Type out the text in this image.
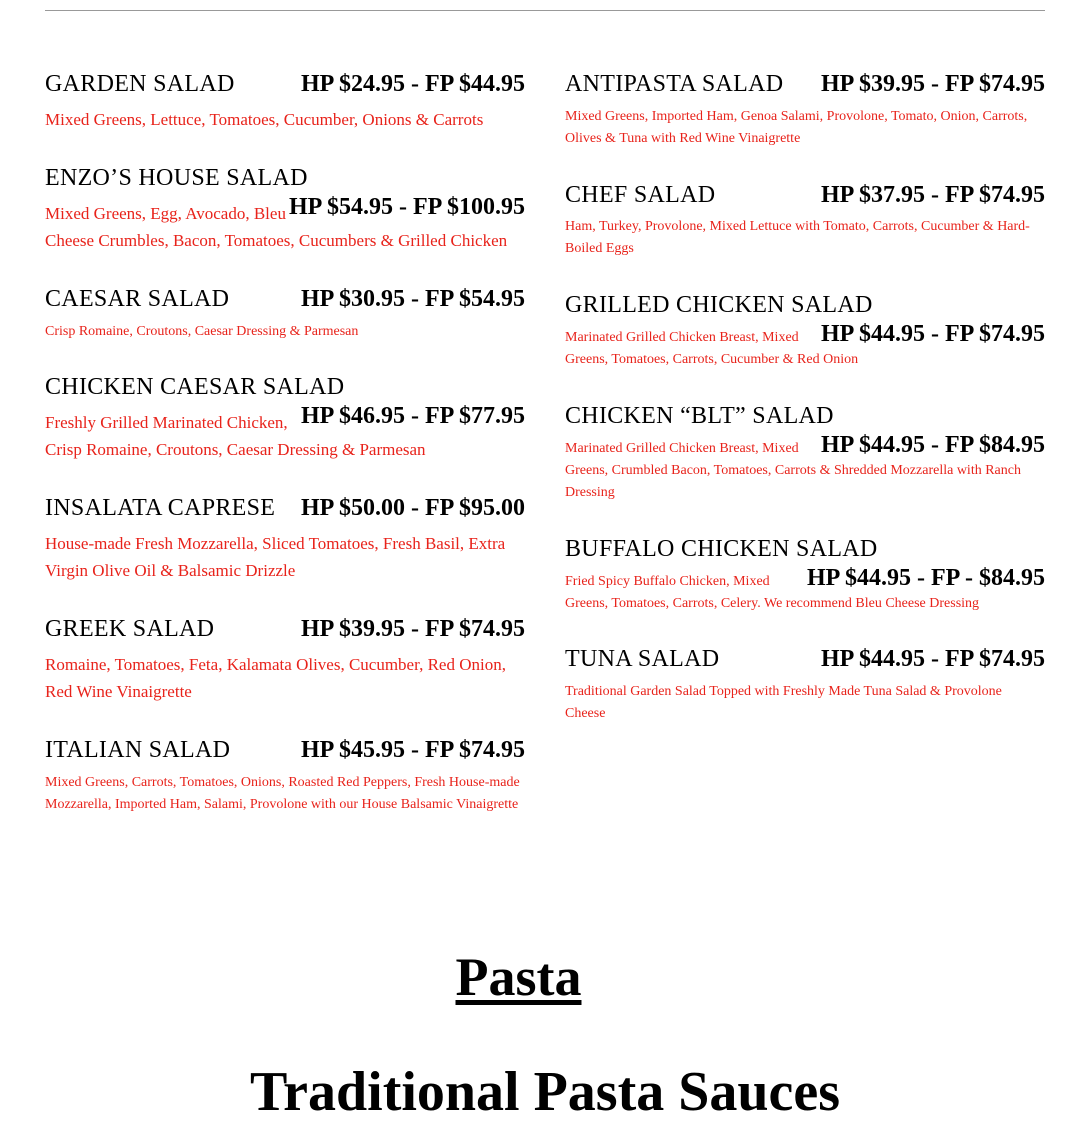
GARDEN SALAD	HP $24.95 - FP $44.95
Mixed Greens, Lettuce, Tomatoes, Cucumber, Onions & Carrots
ENZO’S HOUSE SALAD
HP $54.95 - FP $100.95
Mixed Greens, Egg, Avocado, Bleu
Cheese Crumbles, Bacon, Tomatoes, Cucumbers & Grilled Chicken
CAESAR SALAD	HP $30.95 - FP $54.95
Crisp Romaine, Croutons, Caesar Dressing & Parmesan
CHICKEN CAESAR SALAD
HP $46.95 - FP $77.95
Freshly Grilled Marinated Chicken,
Crisp Romaine, Croutons, Caesar Dressing & Parmesan
INSALATA CAPRESE HP $50.00 - FP $95.00
House-made Fresh Mozzarella, Sliced Tomatoes, Fresh Basil, Extra Virgin Olive Oil & Balsamic Drizzle
GREEK SALAD	HP $39.95 - FP $74.95
Romaine, Tomatoes, Feta, Kalamata Olives, Cucumber, Red Onion, Red Wine Vinaigrette
ITALIAN SALAD	HP $45.95 - FP $74.95
Mixed Greens, Carrots, Tomatoes, Onions, Roasted Red Peppers, Fresh House-made Mozzarella, Imported Ham, Salami, Provolone with our House Balsamic Vinaigrette
ANTIPASTA SALAD HP $39.95 - FP $74.95
Mixed Greens, Imported Ham, Genoa Salami, Provolone, Tomato, Onion, Carrots, Olives & Tuna with Red Wine Vinaigrette
CHEF SALAD	HP $37.95 - FP $74.95
Ham, Turkey, Provolone, Mixed Lettuce with Tomato, Carrots, Cucumber & Hard-Boiled Eggs
GRILLED CHICKEN SALAD
HP $44.95 - FP $74.95
Marinated Grilled Chicken Breast, Mixed
Greens, Tomatoes, Carrots, Cucumber & Red Onion
CHICKEN “BLT” SALAD
HP $44.95 - FP $84.95
Marinated Grilled Chicken Breast, Mixed
Greens, Crumbled Bacon, Tomatoes, Carrots & Shredded Mozzarella with Ranch
Dressing
BUFFALO CHICKEN SALAD
HP $44.95 - FP - $84.95
Fried Spicy Buffalo Chicken, Mixed
Greens, Tomatoes, Carrots, Celery. We recommend Bleu Cheese Dressing
TUNA SALAD	HP $44.95 - FP $74.95
Traditional Garden Salad Topped with Freshly Made Tuna Salad & Provolone Cheese
Pasta
Traditional Pasta Sauces
